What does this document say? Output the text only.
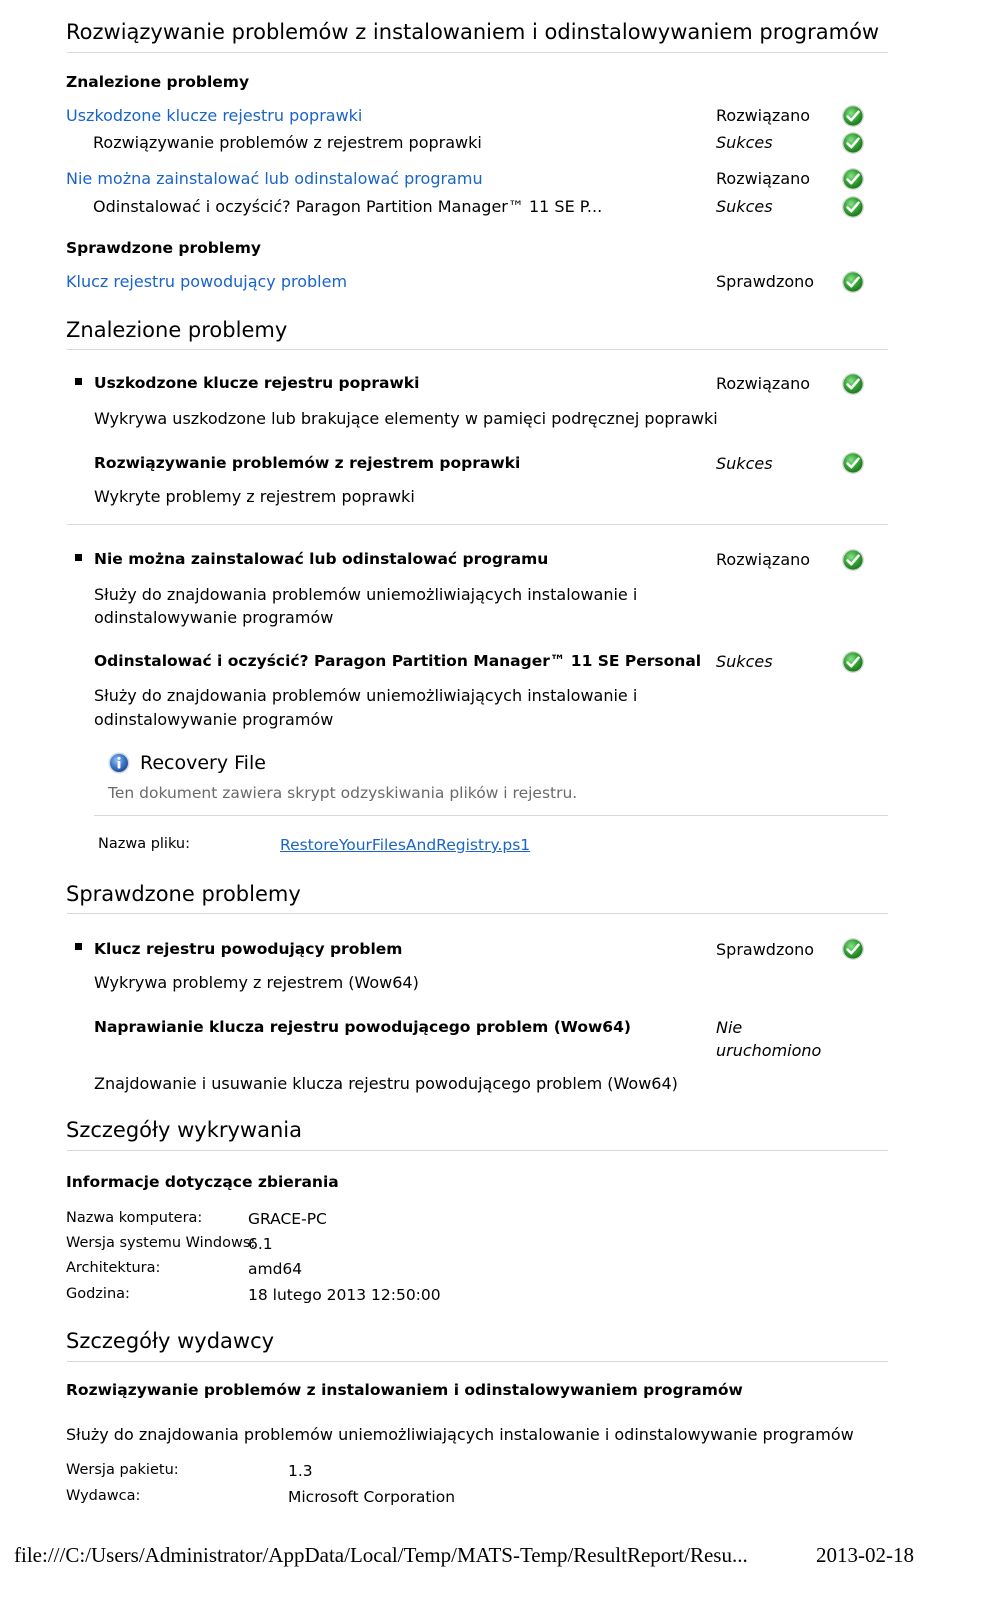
Rozwiązywanie problemów z instalowaniem i odinstalowywaniem programów
Znalezione problemy
Uszkodzone klucze rejestru poprawki	Rozwiązano
Rozwiązywanie problemów z rejestrem poprawki	Sukces
Nie można zainstalować lub odinstalować programu	Rozwiązano
Odinstalować i oczyścić? Paragon Partition Manager™ 11 SE P...	Sukces
Sprawdzone problemy
Klucz rejestru powodujący problem	Sprawdzono
Znalezione problemy
Uszkodzone klucze rejestru poprawki	Rozwiązano
Wykrywa uszkodzone lub brakujące elementy w pamięci podręcznej poprawki
Rozwiązywanie problemów z rejestrem poprawki	Sukces
Wykryte problemy z rejestrem poprawki
Nie można zainstalować lub odinstalować programu	Rozwiązano
Służy do znajdowania problemów uniemożliwiających instalowanie i
odinstalowywanie programów
Odinstalować i oczyścić? Paragon Partition Manager™ 11 SE Personal Sukces
Służy do znajdowania problemów uniemożliwiających instalowanie i
odinstalowywanie programów
Recovery File
Ten dokument zawiera skrypt odzyskiwania plików i rejestru.
Nazwa pliku:	RestoreYourFilesAndRegistry.ps1
Sprawdzone problemy
Klucz rejestru powodujący problem	Sprawdzono
Wykrywa problemy z rejestrem (Wow64)
Naprawianie klucza rejestru powodującego problem (Wow64)	Nie
uruchomiono
Znajdowanie i usuwanie klucza rejestru powodującego problem (Wow64)
Szczegóły wykrywania
Informacje dotyczące zbierania
Nazwa komputera:	GRACE-PC
Wersja systemu Windows:
6.1
Architektura:	amd64
Godzina:	18 lutego 2013 12:50:00
Szczegóły wydawcy
Rozwiązywanie problemów z instalowaniem i odinstalowywaniem programów
Służy do znajdowania problemów uniemożliwiających instalowanie i odinstalowywanie programów
Wersja pakietu:	1.3
Wydawca:	Microsoft Corporation
file:///C:/Users/Administrator/AppData/Local/Temp/MATS-Temp/ResultReport/Resu...	2013-02-18
